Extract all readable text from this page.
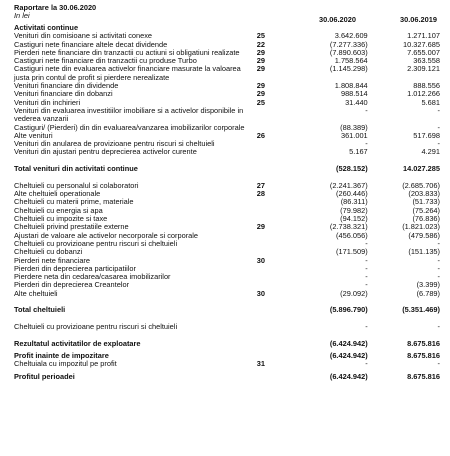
Raportare la 30.06.2020
In lei	30.06.2020	30.06.2019
Activitati continue
Venituri din comisioane si activitati conexe	25	3.642.609	1.271.107
Castiguri nete financiare altele decat dividende	22	(7.277.336)	10.327.685
Pierderi nete financiare din tranzactii cu actiuni si obligatiuni realizate	29	(7.890.603)	7.655.007
Castiguri nete financiare din tranzactii cu produse Turbo	29	1.758.564	363.558
Castiguri nete din evaluarea activelor financiare masurate la valoarea justa prin contul de profit si pierdere nerealizate
29	(1.145.298)	2.309.121
Venituri financiare din dividende	29	1.808.844	888.556
Venituri financiare din dobanzi	29	988.514	1.012.266
Venituri din inchirieri	25	31.440	5.681
Venituri din evaluarea investitiilor imobiliare si a activelor disponibile in vederea vanzarii
-	-
Castiguri/ (Pierderi) din din evaluarea/vanzarea imobilizarilor corporale	(88.389)	-
Alte venituri	26	361.001	517.698
Venituri din anularea de provizioane pentru riscuri si cheltuieli	-	-
Venituri din ajustari pentru deprecierea activelor curente	5.167	4.291
Total venituri din activitati continue	(528.152)	14.027.285
Cheltuieli cu personalul si colaboratori	27	(2.241.367)	(2.685.706)
Alte cheltuieli operationale	28	(260.446)	(203.833)
Cheltuieli cu materii prime, materiale	(86.311)	(51.733)
Cheltuieli cu energia si apa	(79.982)	(75.264)
Cheltuieli cu impozite si taxe	(94.152)	(76.836)
Cheltuieli privind prestatiile externe	29	(2.738.321)	(1.821.023)
Ajustari de valoare ale activelor necorporale si corporale	(456.056)	(479.586)
Cheltuieli cu provizioane pentru riscuri si cheltuieli	-	-
Cheltuieli cu dobanzi	(171.509)	(151.135)
Pierderi nete financiare	30	-	-
Pierderi din deprecierea participatiilor	-	-
Pierdere neta din cedarea/casarea imobilizarilor	-	-
Pierderi din deprecierea Creantelor	-	(3.399)
Alte cheltuieli	30	(29.092)	(6.789)
Total cheltuieli	(5.896.790)	(5.351.469)
Cheltuieli cu provizioane pentru riscuri si cheltuieli	-	-
Rezultatul activitatilor de exploatare	(6.424.942)	8.675.816
Profit inainte de impozitare	(6.424.942)	8.675.816
Cheltuiala cu impozitul pe profit	31	-	-
Profitul perioadei	(6.424.942)	8.675.816
